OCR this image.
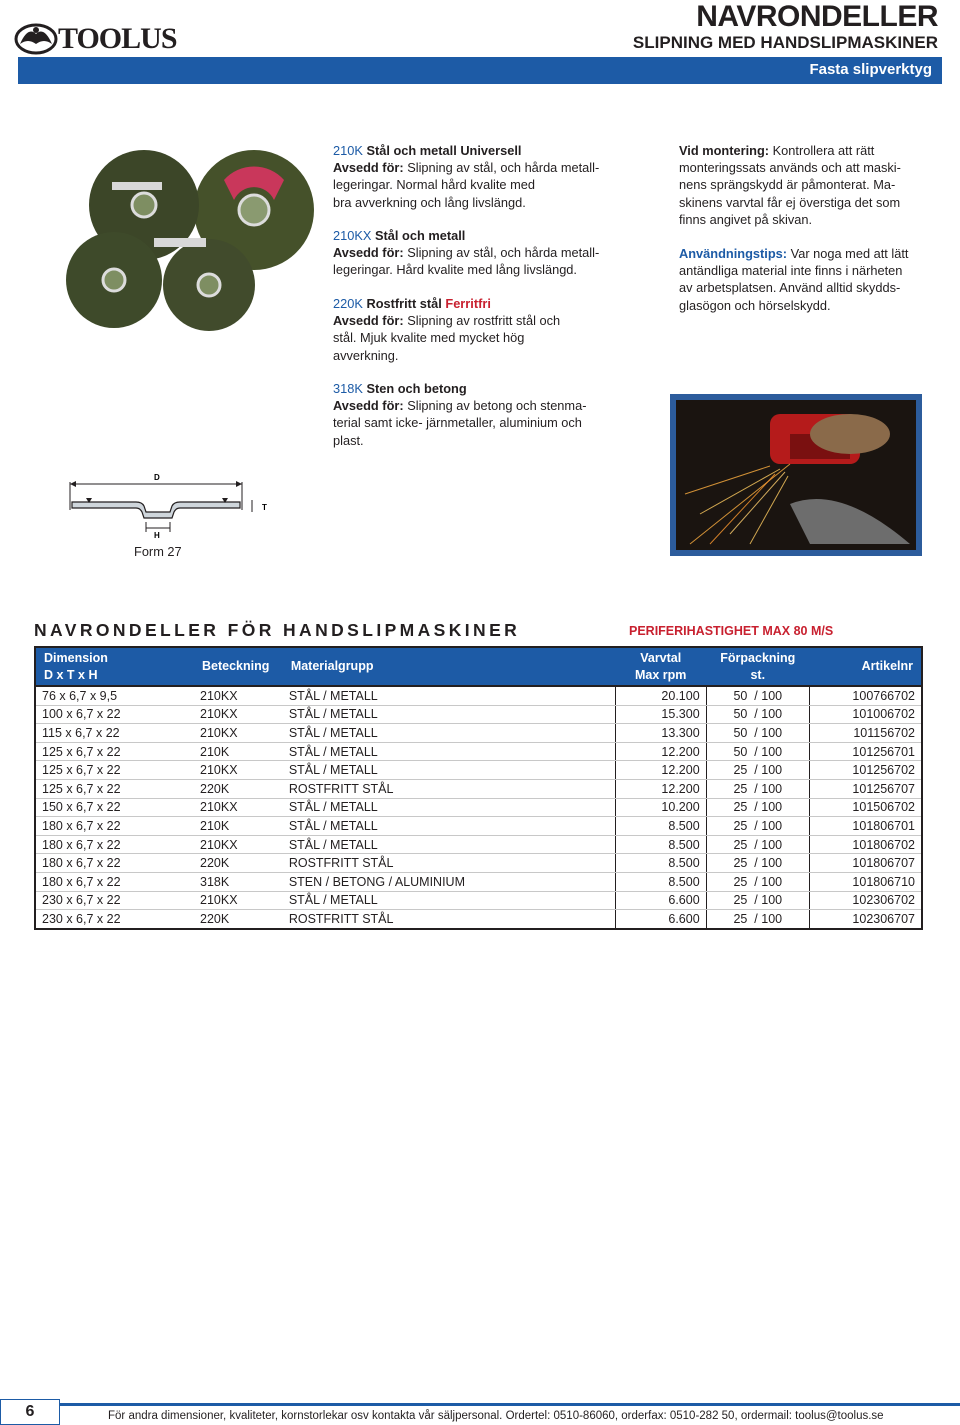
TOOLUS
NAVRONDELLER
SLIPNING MED HANDSLIPMASKINER
Fasta slipverktyg
210K Stål och metall Universell
Avsedd för: Slipning av stål, och hårda metall-
legeringar. Normal hård kvalite med
bra avverkning och lång livslängd.
210KX Stål och metall
Avsedd för: Slipning av stål, och hårda metall-
legeringar. Hård kvalite med lång livslängd.
220K Rostfritt stål Ferritfri
Avsedd för: Slipning av rostfritt stål och
stål. Mjuk kvalite med mycket hög
avverkning.
318K Sten och betong
Avsedd för: Slipning av betong och stenma-
terial samt icke- järnmetaller, aluminium och
plast.
Vid montering: Kontrollera att rätt
monteringssats används och att maski-
nens sprängskydd är påmonterat. Ma-
skinens varvtal får ej överstiga det som
finns angivet på skivan.
Användningstips: Var noga med att lätt
antändliga material inte finns i närheten
av arbetsplatsen. Använd alltid skydds-
glasögon och hörselskydd.
D
T
H
Form 27
NAVRONDELLER FÖR HANDSLIPMASKINER	PERIFERIHASTIGHET MAX 80 M/S
Dimension
D x T x H	Beteckning	Materialgrupp	Varvtal
Max rpm	Förpackning
st.	Artikelnr
76 x 6,7 x 9,5	210KX	STÅL / METALL	20.100	50  / 100	100766702
100 x 6,7 x 22	210KX	STÅL / METALL	15.300	50  / 100	101006702
115 x 6,7 x 22	210KX	STÅL / METALL	13.300	50  / 100	101156702
125 x 6,7 x 22	210K	STÅL / METALL	12.200	50  / 100	101256701
125 x 6,7 x 22	210KX	STÅL / METALL	12.200	25  / 100	101256702
125 x 6,7 x 22	220K	ROSTFRITT STÅL	12.200	25  / 100	101256707
150 x 6,7 x 22	210KX	STÅL / METALL	10.200	25  / 100	101506702
180 x 6,7 x 22	210K	STÅL / METALL	8.500	25  / 100	101806701
180 x 6,7 x 22	210KX	STÅL / METALL	8.500	25  / 100	101806702
180 x 6,7 x 22	220K	ROSTFRITT STÅL	8.500	25  / 100	101806707
180 x 6,7 x 22	318K	STEN / BETONG / ALUMINIUM	8.500	25  / 100	101806710
230 x 6,7 x 22	210KX	STÅL / METALL	6.600	25  / 100	102306702
230 x 6,7 x 22	220K	ROSTFRITT STÅL	6.600	25  / 100	102306707
6	För andra dimensioner, kvaliteter, kornstorlekar osv kontakta vår säljpersonal. Ordertel: 0510-86060, orderfax: 0510-282 50, ordermail: toolus@toolus.se
